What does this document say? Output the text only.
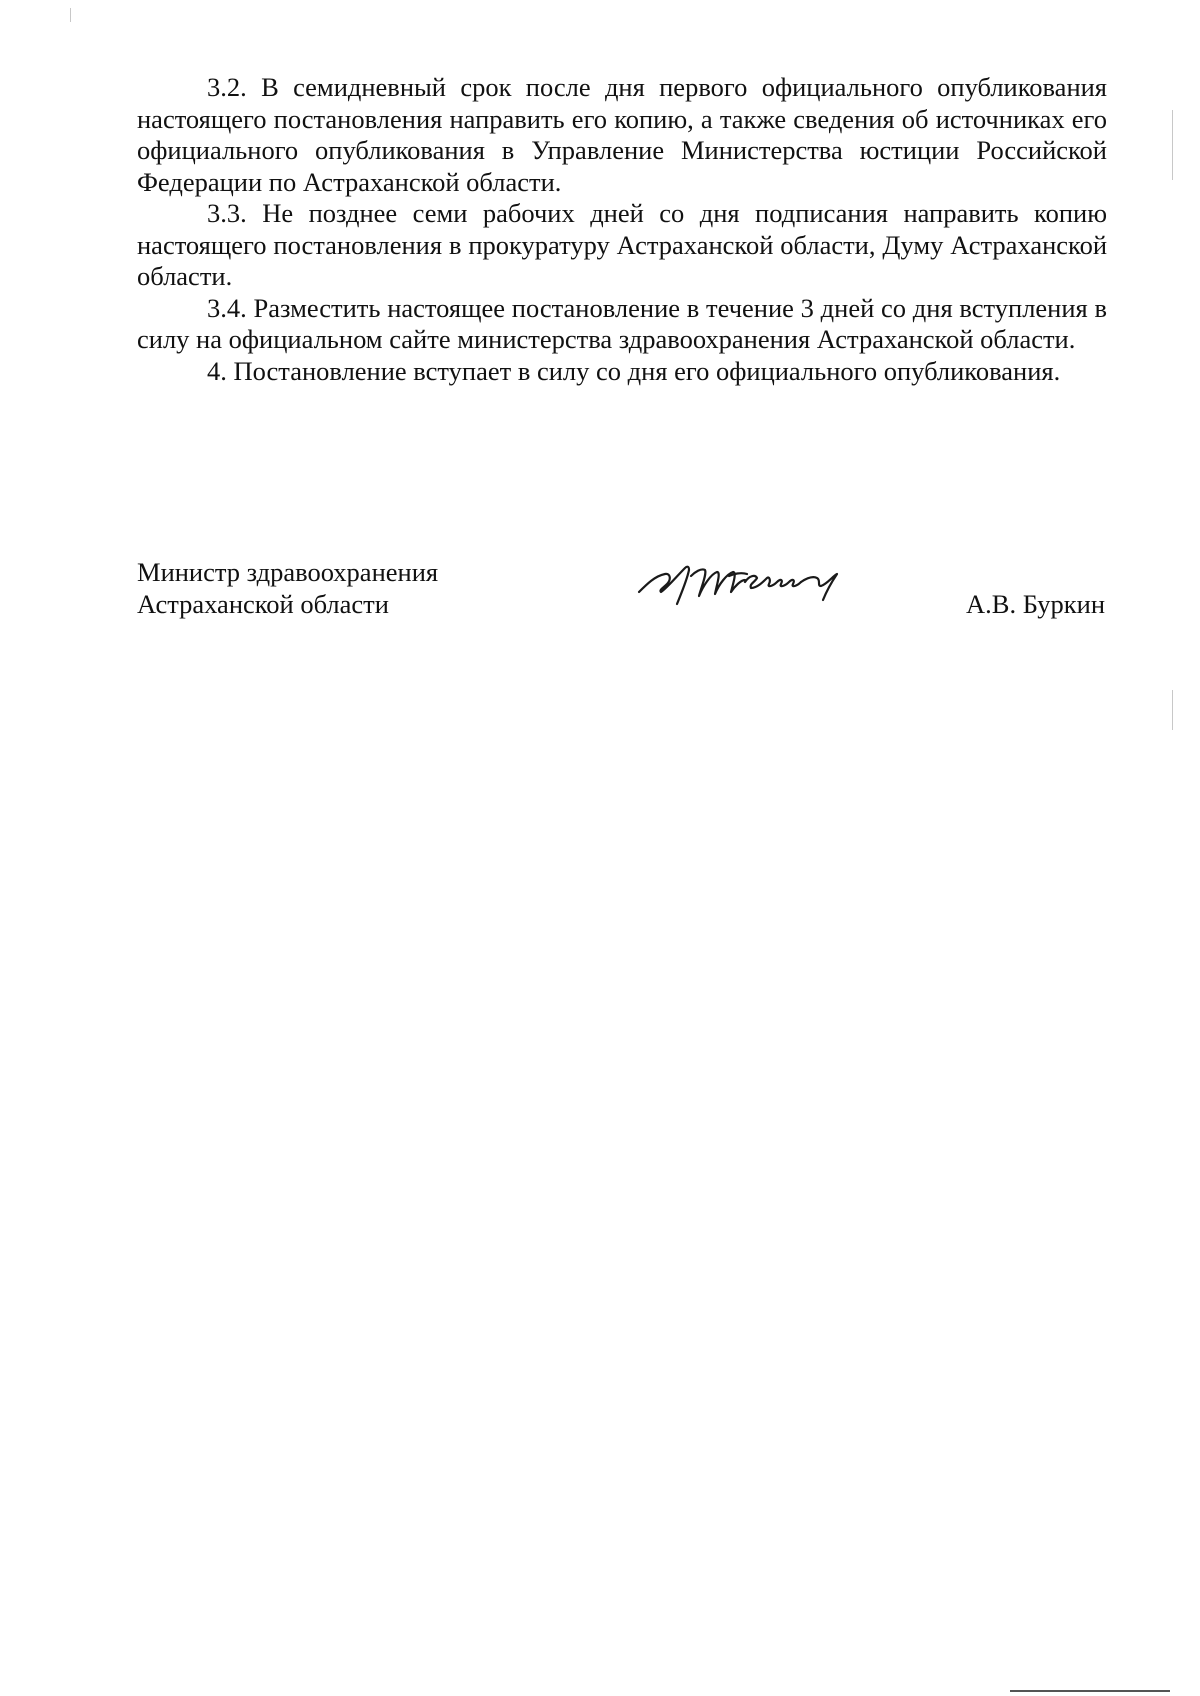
3.2. В семидневный срок после дня первого официального опубликования настоящего постановления направить его копию, а также сведения об источниках его официального опубликования в Управление Министерства юстиции Российской Федерации по Астраханской области.

3.3. Не позднее семи рабочих дней со дня подписания направить копию настоящего постановления в прокуратуру Астраханской области, Думу Астраханской области.

3.4. Разместить настоящее постановление в течение 3 дней со дня вступления в силу на официальном сайте министерства здравоохранения Астраханской области.

4. Постановление вступает в силу со дня его официального опубликования.

Министр здравоохранения
Астраханской области	А.В. Буркин
